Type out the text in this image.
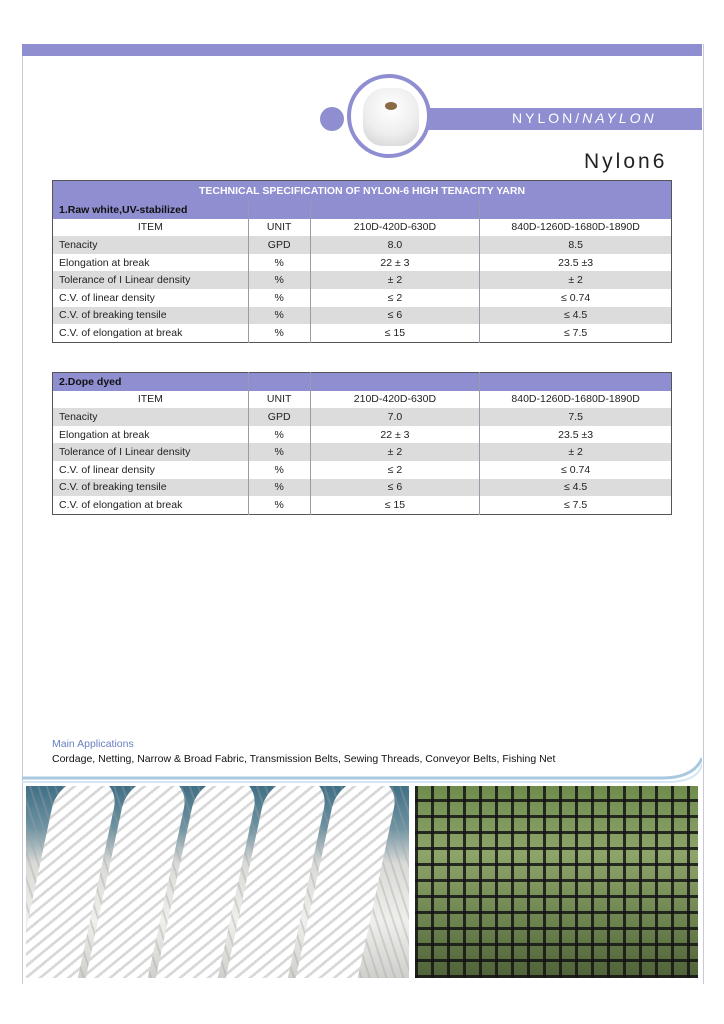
NYLON/NAYLON
Nylon6
TECHNICAL SPECIFICATION OF NYLON-6 HIGH TENACITY YARN			
1.Raw white,UV-stabilized			
ITEM	UNIT	210D-420D-630D	840D-1260D-1680D-1890D
Tenacity	GPD	8.0	8.5
Elongation at break	%	22 ± 3	23.5 ±3
Tolerance of I Linear density	%	± 2	± 2
C.V. of linear density	%	≤ 2	≤ 0.74
C.V. of breaking tensile	%	≤ 6	≤ 4.5
C.V. of elongation at break	%	≤ 15	≤ 7.5
2.Dope dyed			
ITEM	UNIT	210D-420D-630D	840D-1260D-1680D-1890D
Tenacity	GPD	7.0	7.5
Elongation at break	%	22 ± 3	23.5 ±3
Tolerance of I Linear density	%	± 2	± 2
C.V. of linear density	%	≤ 2	≤ 0.74
C.V. of breaking tensile	%	≤ 6	≤ 4.5
C.V. of elongation at break	%	≤ 15	≤ 7.5
Main Applications
Cordage, Netting, Narrow & Broad Fabric, Transmission Belts, Sewing Threads, Conveyor Belts, Fishing Net
